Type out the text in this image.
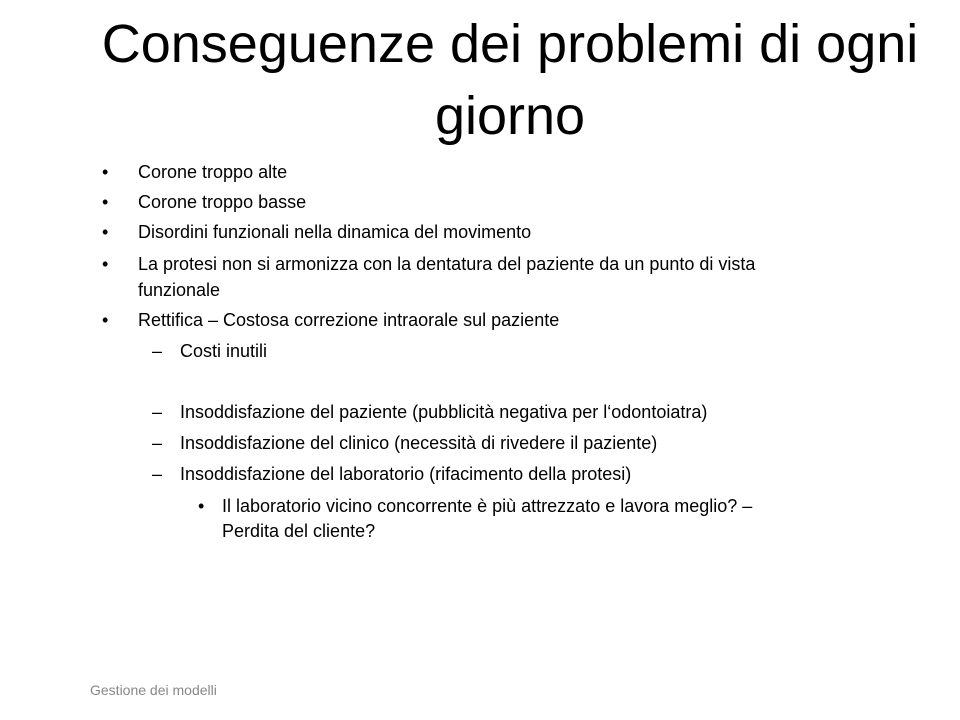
Conseguenze dei problemi di ogni giorno
• Corone troppo alte
• Corone troppo basse
• Disordini funzionali nella dinamica del movimento
• La protesi non si armonizza con la dentatura del paziente da un punto di vista
funzionale
• Rettifica – Costosa correzione intraorale sul paziente
– Costi inutili
– Insoddisfazione del paziente (pubblicità negativa per l‘odontoiatra)
– Insoddisfazione del clinico (necessità di rivedere il paziente)
– Insoddisfazione del laboratorio (rifacimento della protesi)
• Il laboratorio vicino concorrente è più attrezzato e lavora meglio? –
Perdita del cliente?
Gestione dei modelli
